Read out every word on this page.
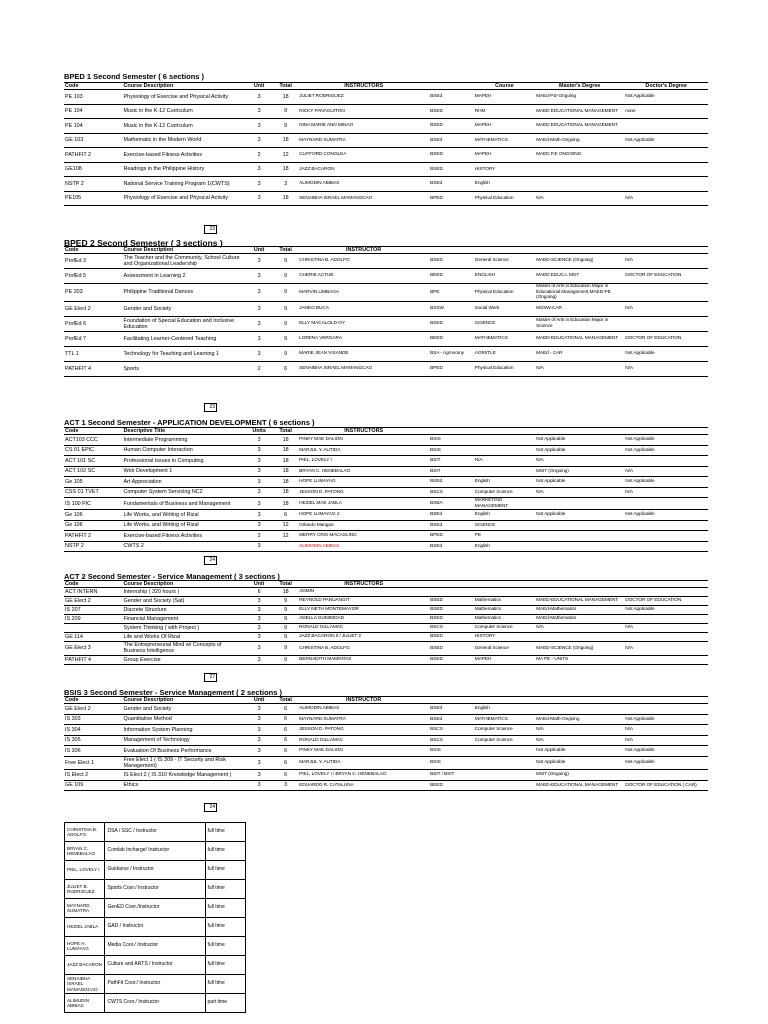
BPED 1 Second Semester ( 6 sections )
BPED 2 Second Semester ( 3 sections )
ACT 1 Second Semester - APPLICATION DEVELOPMENT ( 6 sections )
ACT 2 Second Semester - Service Management ( 3 sections )
BSIS 3 Second Semester - Service Management ( 2 sections )
Code	Course Description	Unit	Total	INSTRUCTORS		Course	Master's Degree	Doctor's Degree
PE 103	Physiology of Exercise and Physical Activity	3	18	JULIET RODRIGUEZ	BSEd	MAPEH	MAEd-P.E-Ongoing	Not Applicable
PE 104	Music in the K-12 Curriculum	3	9	RICKY PANAGUITON	BSED	RHM	MAED EDUCATIONAL MANAGEMENT	none
PE 104	Music in the K-12 Curriculum	3	9	NINA MARIE ANN MINAO	BSED	MAPEH	MAED EDUCATIONAL MANAGEMENT	
GE 103	Mathematic in the Modern World	3	18	MAYNARD SUMATRA	BSEd	MATHEMATICS	MAEd-Math-Ongoing	Not Applicable
PATHFIT 2	Exercise-based Fitness Activities	2	12	CLIFFORD CONOLEA	BSED	MAPEH	MAED P.E ONGOING	
GE108	Readings in the Philippine History	3	18	JAZZ BACARON	BSED	HISTORY		
NSTP 2	National Service Training Program 1(CWTS)	3	3	ALIMODIN ABIBAS	BSEd	English		
PE105	Physiology of Exercise and Physical Activity	3	18	SENAIBHA ISRAEL MAMANGCAO	BPED	Physical Education	N/A	N/A
Code	Course Description	Unit	Total	INSTRUCTOR				
ProfEd 3	The Teacher and the Community, School Culture and Organizational Leadership	3	9	CHRISTINA B. ADOLFO	BSED	General Science	MAED-SCIENCE (Ongoing)	N/A
ProfEd 5	Assessment in Learning 2	3	9	CHERIE ACTUB	BEED	ENGLISH	MAED EDUC.L MGT	DOCTOR OF EDUCATION
PE 203	Philippine Traditional Dances	3	9	MARVIN LIMBAGA	BPE	Physical Education	Master of Arts in Education Major in Educational Management MAED-PE (Ongoing)	
GE Elect 2	Gender and Society	3	9	JANEO BUCA	BSSW	Social Work	MSSW-CAR	N/A
ProfEd 6	Foundation of Special Education and Inclusive Education	3	9	ELLY MACALOLD-OY	BSED	SCIENCE	Master of Arts in Education Major in Science	
ProfEd 7	Facilitating Learner-Centered Teaching	3	9	LORENA VERGARA	BEED	MATHEMATICS	MAED-EDUCATIONAL MANAGEMENT	DOCTOR OF EDUCATION
TTL 1	Technology for Teaching and Learning 1	3	9	MARIE JEAN VISANDE	BSA - Agronomy	AGRI/TLE	MAEd - CAR	Not Applicable
PATHFIT 4	Sports	2	6	SENAIBHA ISRAEL MAMANGCAO	BPED	Physical Education	N/A	N/A
Code	Descriptive Title	Units	Total	INSTRUCTORS				
ACT103 CCC	Intermediate Programming	3	18	PINKY MAE DALION	BSIS		Not Applicable	Not Applicable
CS 01 EPIC	Human Computer Interaction	3	18	MARJUL Y. AUTIDA	BSIS		Not Applicable	Not Applicable
ACT 101 SC	Professional Issues in Computing	3	18	PIEL, LOVELY I	BSIT	N/A	N/A	
ACT 102 SC	Web Development 1	3	18	BRYAN C. HENEBALAO	BSIT		MSIT (Ongoing)	N/A
Ge 105	Art Appreciation	3	18	HOPE LUMAYAG	BSEd	English	Not Applicable	Not Applicable
CSS 01 TVET	Computer System Servicing NC2	3	18	JESSON D. PATONG	BSCS	Computer Science	N/A	N/A
IS 100 PIC	Fundamentals of Business and Management	3	18	HEZIEL MAE JABLA	BSBA	MARKETING MANAGEMENT		
Ge 106	Life Works, and Writing of Rizal	3	6	HOPE LUMAYAG 2	BSEd	English	Not Applicable	Not Applicable
Ge 106	Life Works, and Writing of Rizal	3	12	Orlando Mangao	BSEd	SCIENCE		
PATHFIT 2	Exercise-based Fitness Activities	2	12	MERRY CRIS MACASLING	BPED	PE		
NSTP 2	CWTS 2	3		ALIMODIN ABIBAS	BSEd	English		
Code	Course Description	Unit	Total	INSTRUCTORS				
ACT INTERN	Internship ( 320 hours )	6	18	ADMIN				
GE Elect 2	Gender and Society (Sat)	3	9	REYNOLD PANUANGIT	BSED	Mathematics	MAED-EDUCATIONAL MANAGEMENT	DOCTOR OF EDUCATION
IS 207	Discrete Structure	3	9	ELLY NETH MONTEMAYOR	BSED	Mathematics	MAEd-Mathematics	Not Applicable
IS 209	Financial Management	3	9	ADELLA GUMIMOAD	BSED	Mathematics	MAEd-Mathematics	
	System Thinking ( with Project )	3	9	RONALD GILLAMAC	BSCS	Computer Science	N/A	N/A
GE 114	Life and Works Of Rizal	3	9	JAZZ BACARON II / JULIET 2	BSED	HISTORY		
GE Elect 3	The Entrepreneurial Mind w/ Concepts of Business Intelligence	3	9	CHRISTINA B. ADOLFO	BSED	General Science	MAED-SCIENCE (Ongoing)	N/A
PATHFIT 4	Group Exercise	3	9	BERNADITH MAMINTAS	BSED	MAPEH	MA PE - UNITS	
Code	Course Description	Unit	Total	INSTRUCTOR				
GE Elect 2	Gender and Society	3	6	ALIMODIN ABIBAS	BSEd	English		
IS 303	Quantitative Method	3	6	MAYNARD SUMATRA	BSEd	MATHEMATICS	MAEd-Math-Ongoing	Not Applicable
IS 304	Information System Planning	3	6	JESSON D. PATONG	BSCS	Computer Science	N/A	N/A
IS 305	Management of Technology	3	6	RONALD GILLAMAC	BSCS	Computer Science	N/A	N/A
IS 306	Evaluation Of Business Performance	3	6	PINKY MAE DALION	BSIS		Not Applicable	Not Applicable
Free Elect 1	Free Elect 1 ( IS 309 - IT Security and Risk Management)	3	6	MARJUL Y. AUTIDA	BSIS		Not Applicable	Not Applicable
IS Elect 2	IS Elect 2 ( IS 310 Knowledge Management )	3	6	PIEL, LOVELY I / BRYAN C. HENEBALAO	BSIT / BSIT		MSIT (Ongoing)	
GE 109	Ethics	3	3	EDUARDO R. CATALUNA	BEED		MAED-EDUCATIONAL MANAGEMENT	DOCTOR OF EDUCATION ( CAR)
23
23
24
27
24
CHRISTINA B. ADOLFO	DSA / SSC / Instructor	full time
BRYAN C. HENEBALAO	Comlab Incharge/ Instructor	full time
PIEL, LOVELY I	Guidance / Instructor	full time
JULIET B. RODRIGUEZ	Sports Coor./ Instructor	full time
MAYNARD SUMATRA	GenED Coor./Instructor	full time
HEZIEL JABLA	GAD / Instructor	full time
HOPE H. LUMAYAG	Media Coor./ Instructor	full time
JAZZ BACARON	Culture and ARTS / Instructor	full time
SENAIBHA ISRAEL MAMANGCAO	PathFit Coor./ Instructor	full time
ALIMUDIN ABIBAS	CWTS Coor./ Instructor	part time
